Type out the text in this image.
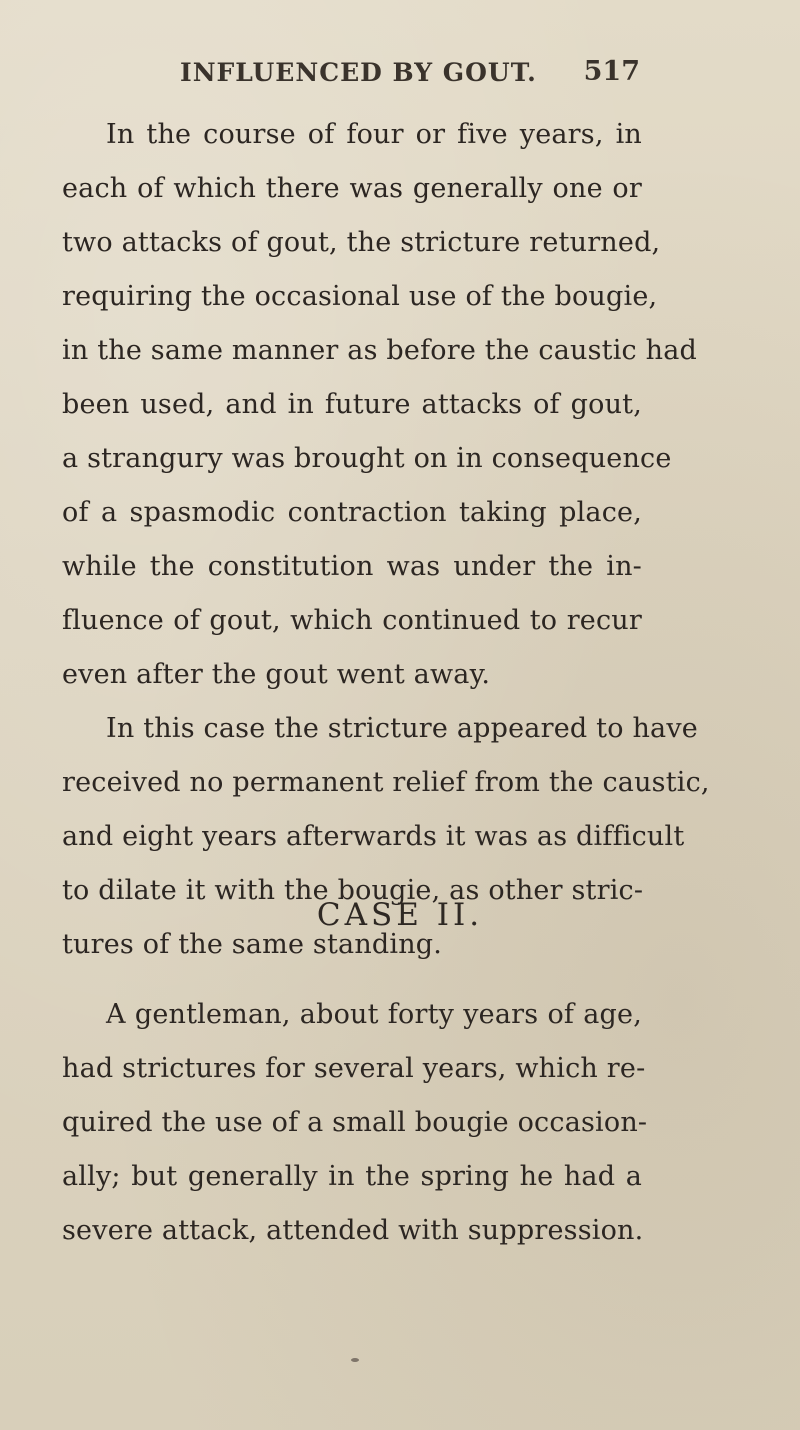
INFLUENCED BY GOUT. 517
In the course of four or five years, in
each of which there was generally one or
two attacks of gout, the stricture returned,
requiring the occasional use of the bougie,
in the same manner as before the caustic had
been used, and in future attacks of gout,
a strangury was brought on in consequence
of a spasmodic contraction taking place,
while the constitution was under the in-
fluence of gout, which continued to recur
even after the gout went away.
In this case the stricture appeared to have
received no permanent relief from the caustic,
and eight years afterwards it was as difficult
to dilate it with the bougie, as other stric-
tures of the same standing.
CASE II.
A gentleman, about forty years of age,
had strictures for several years, which re-
quired the use of a small bougie occasion-
ally; but generally in the spring he had a
severe attack, attended with suppression.
